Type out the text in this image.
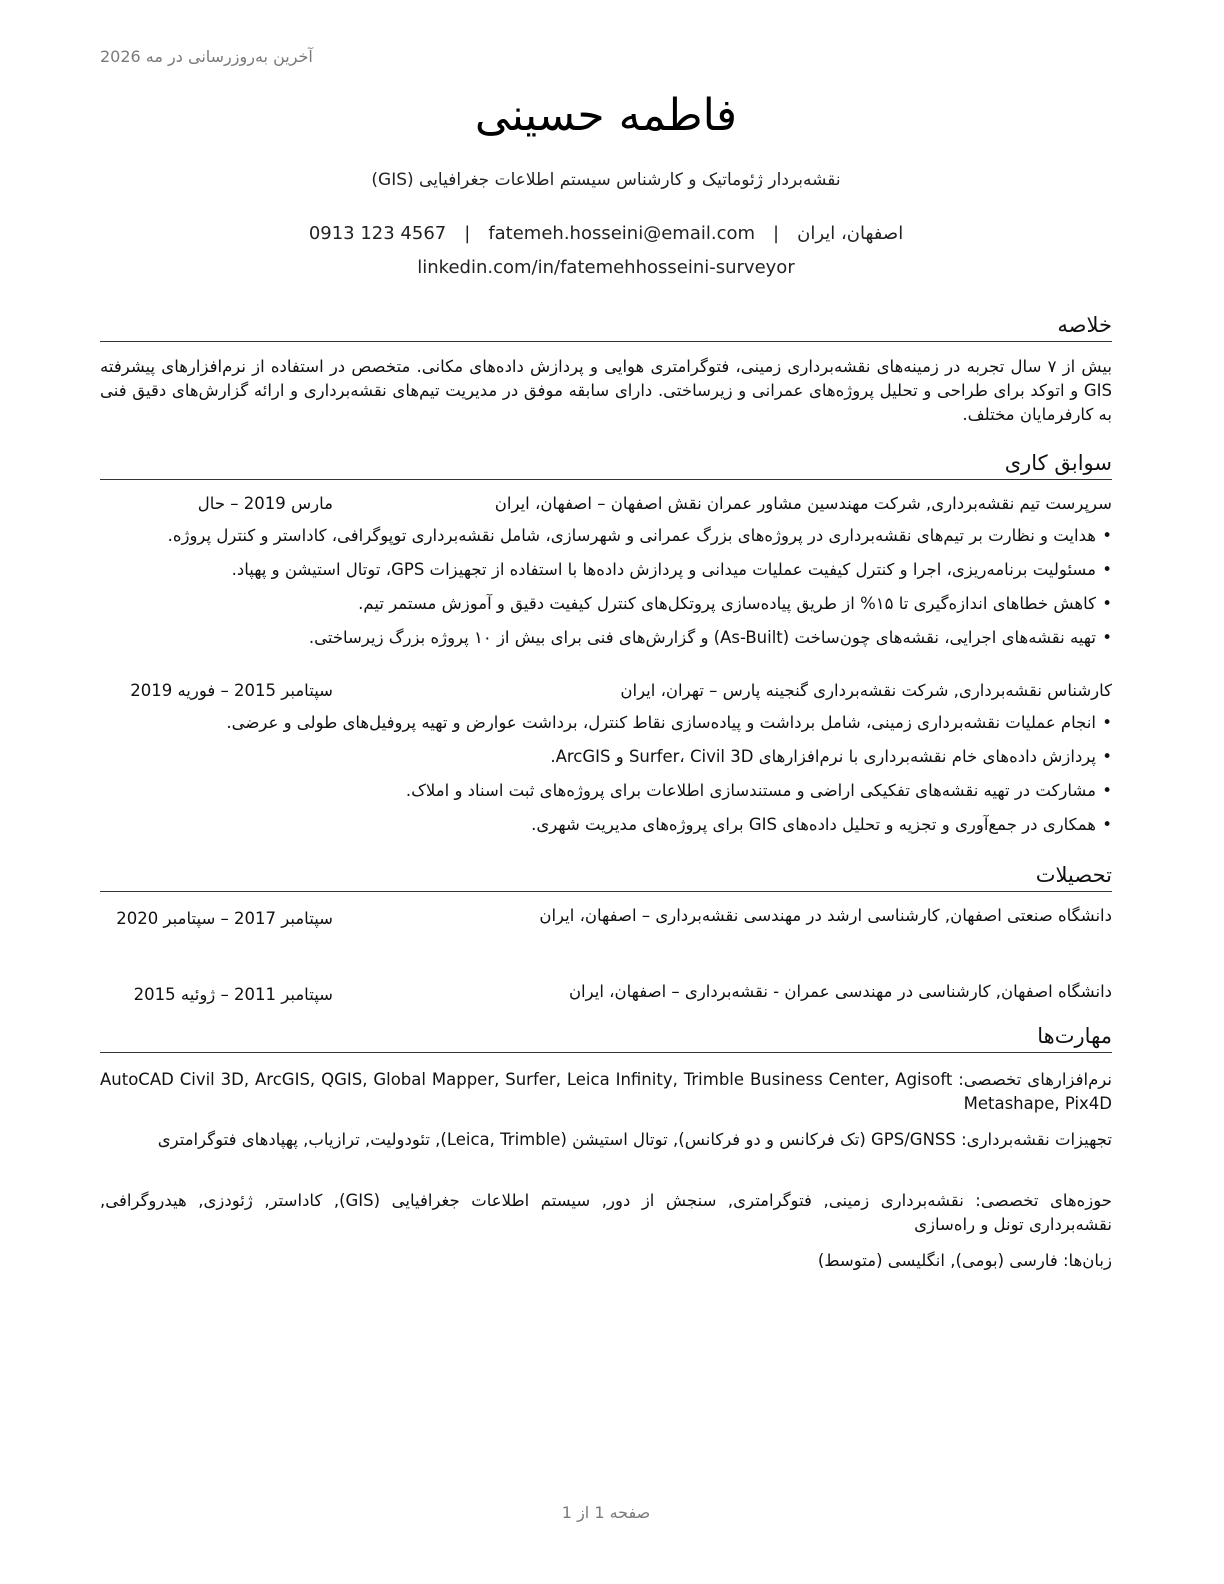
آخرین به‌روزرسانی در مه 2026
فاطمه حسینی
نقشه‌بردار ژئوماتیک و کارشناس سیستم اطلاعات جغرافیایی (GIS)
اصفهان، ایران
|
fatemeh.hosseini@email.com
|
0913 123 4567
linkedin.com/in/fatemehhosseini-surveyor
خلاصه
بیش از ۷ سال تجربه در زمینه‌های نقشه‌برداری زمینی، فتوگرامتری هوایی و پردازش داده‌های مکانی. متخصص در استفاده از نرم‌افزارهای پیشرفته GIS و اتوکد برای طراحی و تحلیل پروژه‌های عمرانی و زیرساختی. دارای سابقه موفق در مدیریت تیم‌های نقشه‌برداری و ارائه گزارش‌های دقیق فنی به کارفرمایان مختلف.
سوابق کاری
سرپرست تیم نقشه‌برداری, شرکت مهندسین مشاور عمران نقش اصفهان – اصفهان، ایران
مارس 2019 – حال
•
هدایت و نظارت بر تیم‌های نقشه‌برداری در پروژه‌های بزرگ عمرانی و شهرسازی، شامل نقشه‌برداری توپوگرافی، کاداستر و کنترل پروژه.
•
مسئولیت برنامه‌ریزی، اجرا و کنترل کیفیت عملیات میدانی و پردازش داده‌ها با استفاده از تجهیزات GPS، توتال استیشن و پهپاد.
•
کاهش خطاهای اندازه‌گیری تا ۱۵% از طریق پیاده‌سازی پروتکل‌های کنترل کیفیت دقیق و آموزش مستمر تیم.
•
تهیه نقشه‌های اجرایی، نقشه‌های چون‌ساخت (As-Built) و گزارش‌های فنی برای بیش از ۱۰ پروژه بزرگ زیرساختی.
کارشناس نقشه‌برداری, شرکت نقشه‌برداری گنجینه پارس – تهران، ایران
سپتامبر 2015 – فوریه 2019
•
انجام عملیات نقشه‌برداری زمینی، شامل برداشت و پیاده‌سازی نقاط کنترل، برداشت عوارض و تهیه پروفیل‌های طولی و عرضی.
•
پردازش داده‌های خام نقشه‌برداری با نرم‌افزارهای Surfer، Civil 3D و ArcGIS.
•
مشارکت در تهیه نقشه‌های تفکیکی اراضی و مستندسازی اطلاعات برای پروژه‌های ثبت اسناد و املاک.
•
همکاری در جمع‌آوری و تجزیه و تحلیل داده‌های GIS برای پروژه‌های مدیریت شهری.
تحصیلات
دانشگاه صنعتی اصفهان, کارشناسی ارشد در مهندسی نقشه‌برداری – اصفهان، ایران
سپتامبر 2017 – سپتامبر 2020
دانشگاه اصفهان, کارشناسی در مهندسی عمران - نقشه‌برداری – اصفهان، ایران
سپتامبر 2011 – ژوئیه 2015
مهارت‌ها
نرم‌افزارهای تخصصی: AutoCAD Civil 3D, ArcGIS, QGIS, Global Mapper, Surfer, Leica Infinity, Trimble Business Center, Agisoft Metashape, Pix4D
تجهیزات نقشه‌برداری: GPS/GNSS (تک فرکانس و دو فرکانس), توتال استیشن (Leica, Trimble), تئودولیت, ترازیاب, پهپادهای فتوگرامتری
حوزه‌های تخصصی: نقشه‌برداری زمینی, فتوگرامتری, سنجش از دور, سیستم اطلاعات جغرافیایی (GIS), کاداستر, ژئودزی, هیدروگرافی, نقشه‌برداری تونل و راه‌سازی
زبان‌ها: فارسی (بومی), انگلیسی (متوسط)
صفحه 1 از 1
